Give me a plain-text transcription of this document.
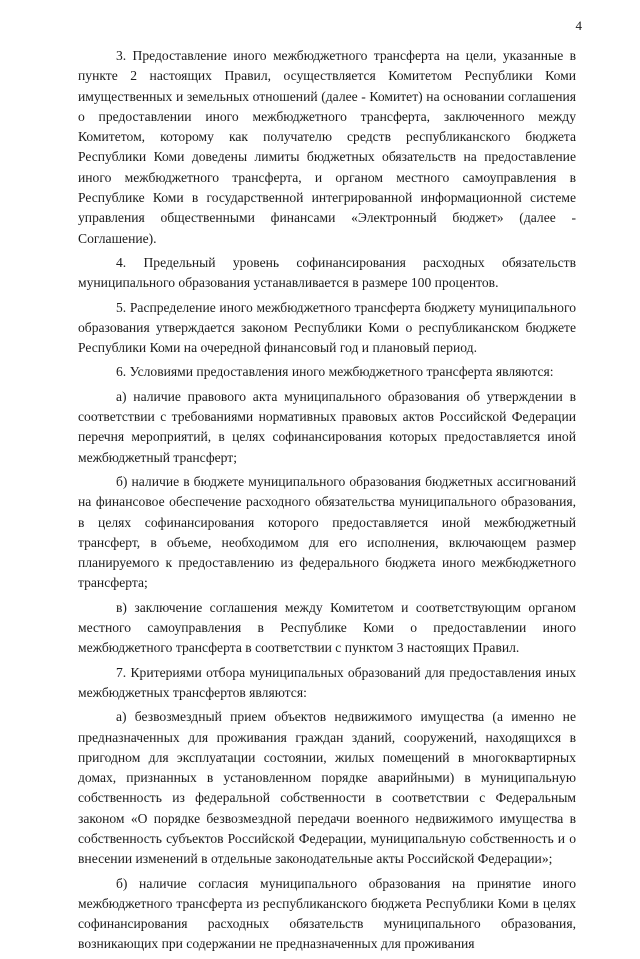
4

3. Предоставление иного межбюджетного трансферта на цели, указанные в пункте 2 настоящих Правил, осуществляется Комитетом Республики Коми имущественных и земельных отношений (далее - Комитет) на основании соглашения о предоставлении иного межбюджетного трансферта, заключенного между Комитетом, которому как получателю средств республиканского бюджета Республики Коми доведены лимиты бюджетных обязательств на предоставление иного межбюджетного трансферта, и органом местного самоуправления в Республике Коми в государственной интегрированной информационной системе управления общественными финансами «Электронный бюджет» (далее - Соглашение).

4. Предельный уровень софинансирования расходных обязательств муниципального образования устанавливается в размере 100 процентов.

5. Распределение иного межбюджетного трансферта бюджету муниципального образования утверждается законом Республики Коми о республиканском бюджете Республики Коми на очередной финансовый год и плановый период.

6. Условиями предоставления иного межбюджетного трансферта являются:

а) наличие правового акта муниципального образования об утверждении в соответствии с требованиями нормативных правовых актов Российской Федерации перечня мероприятий, в целях софинансирования которых предоставляется иной межбюджетный трансферт;

б) наличие в бюджете муниципального образования бюджетных ассигнований на финансовое обеспечение расходного обязательства муниципального образования, в целях софинансирования которого предоставляется иной межбюджетный трансферт, в объеме, необходимом для его исполнения, включающем размер планируемого к предоставлению из федерального бюджета иного межбюджетного трансферта;

в) заключение соглашения между Комитетом и соответствующим органом местного самоуправления в Республике Коми о предоставлении иного межбюджетного трансферта в соответствии с пунктом 3 настоящих Правил.

7. Критериями отбора муниципальных образований для предоставления иных межбюджетных трансфертов являются:

а) безвозмездный прием объектов недвижимого имущества (а именно не предназначенных для проживания граждан зданий, сооружений, находящихся в пригодном для эксплуатации состоянии, жилых помещений в многоквартирных домах, признанных в установленном порядке аварийными) в муниципальную собственность из федеральной собственности в соответствии с Федеральным законом «О порядке безвозмездной передачи военного недвижимого имущества в собственность субъектов Российской Федерации, муниципальную собственность и о внесении изменений в отдельные законодательные акты Российской Федерации»;

б) наличие согласия муниципального образования на принятие иного межбюджетного трансферта из республиканского бюджета Республики Коми в целях софинансирования расходных обязательств муниципального образования, возникающих при содержании не предназначенных для проживания
